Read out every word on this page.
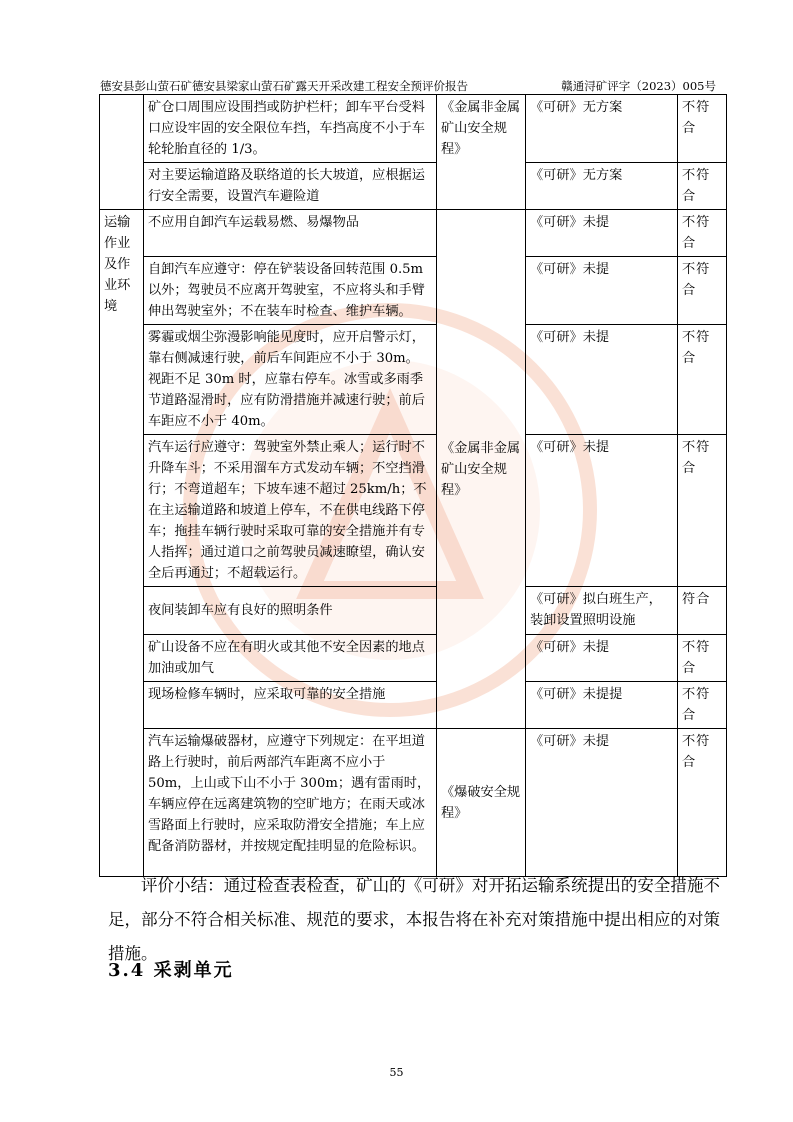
德安县彭山萤石矿德安县梁家山萤石矿露天开采改建工程安全预评价报告	赣通浔矿评字（2023）005号
	矿仓口周围应设围挡或防护栏杆；卸车平台受料口应设牢固的安全限位车挡，车挡高度不小于车轮轮胎直径的 1/3。	《金属非金属矿山安全规程》	《可研》无方案	不符合
	对主要运输道路及联络道的长大坡道，应根据运行安全需要，设置汽车避险道		《可研》无方案	不符合

运输作业及作业环境	不应用自卸汽车运载易燃、易爆物品	《金属非金属矿山安全规程》	《可研》未提	不符合
	自卸汽车应遵守：停在铲装设备回转范围 0.5m 以外；驾驶员不应离开驾驶室，不应将头和手臂伸出驾驶室外；不在装车时检查、维护车辆。		《可研》未提	不符合
	雾霾或烟尘弥漫影响能见度时，应开启警示灯，靠右侧减速行驶，前后车间距应不小于 30m。视距不足 30m 时，应靠右停车。冰雪或多雨季节道路湿滑时，应有防滑措施并减速行驶；前后车距应不小于 40m。		《可研》未提	不符合
	汽车运行应遵守：驾驶室外禁止乘人；运行时不升降车斗；不采用溜车方式发动车辆；不空挡滑行；不弯道超车；下坡车速不超过 25km/h；不在主运输道路和坡道上停车，不在供电线路下停车；拖挂车辆行驶时采取可靠的安全措施并有专人指挥；通过道口之前驾驶员减速瞭望，确认安全后再通过；不超载运行。		《可研》未提	不符合
	夜间装卸车应有良好的照明条件		《可研》拟白班生产，装卸设置照明设施	符合
	矿山设备不应在有明火或其他不安全因素的地点加油或加气		《可研》未提	不符合
	现场检修车辆时，应采取可靠的安全措施		《可研》未提提	不符合
	汽车运输爆破器材，应遵守下列规定：在平坦道路上行驶时，前后两部汽车距离不应小于 50m，上山或下山不小于 300m；遇有雷雨时，车辆应停在远离建筑物的空旷地方；在雨天或冰雪路面上行驶时，应采取防滑安全措施；车上应配备消防器材，并按规定配挂明显的危险标识。	《爆破安全规程》	《可研》未提	不符合

评价小结：通过检查表检查，矿山的《可研》对开拓运输系统提出的安全措施不足，部分不符合相关标准、规范的要求，本报告将在补充对策措施中提出相应的对策措施。

3.4 采剥单元
55
